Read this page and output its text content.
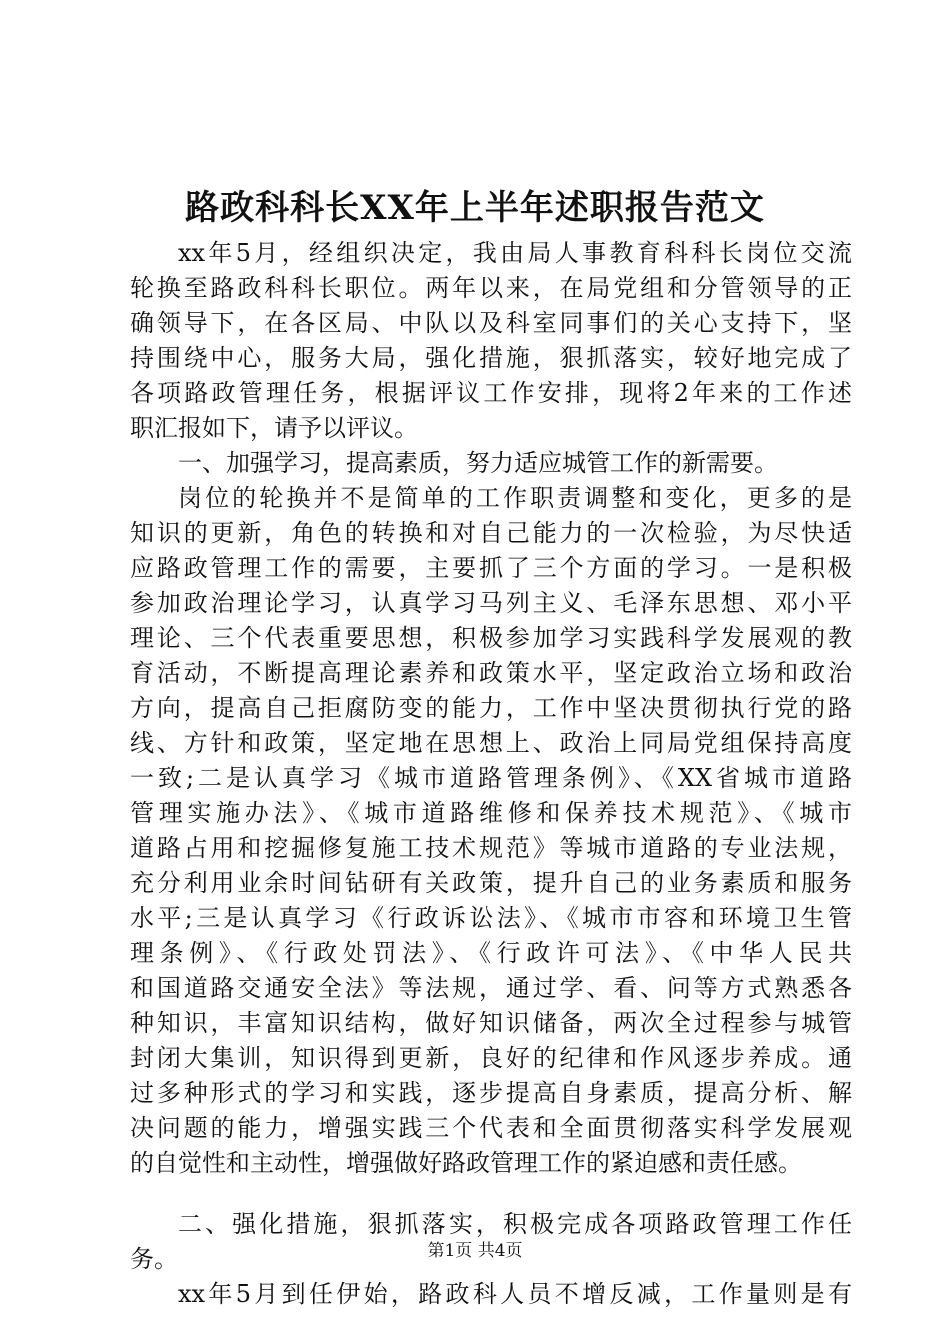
路政科科长XX年上半年述职报告范文
xx年5月，经组织决定，我由局人事教育科科长岗位交流
轮换至路政科科长职位。两年以来，在局党组和分管领导的正
确领导下，在各区局、中队以及科室同事们的关心支持下，坚
持围绕中心，服务大局，强化措施，狠抓落实，较好地完成了
各项路政管理任务，根据评议工作安排，现将2年来的工作述
职汇报如下，请予以评议。
一、加强学习，提高素质，努力适应城管工作的新需要。
岗位的轮换并不是简单的工作职责调整和变化，更多的是
知识的更新，角色的转换和对自己能力的一次检验，为尽快适
应路政管理工作的需要，主要抓了三个方面的学习。一是积极
参加政治理论学习，认真学习马列主义、毛泽东思想、邓小平
理论、三个代表重要思想，积极参加学习实践科学发展观的教
育活动，不断提高理论素养和政策水平，坚定政治立场和政治
方向，提高自己拒腐防变的能力，工作中坚决贯彻执行党的路
线、方针和政策，坚定地在思想上、政治上同局党组保持高度
一致;二是认真学习《城市道路管理条例》、《XX省城市道路
管理实施办法》、《城市道路维修和保养技术规范》、《城市
道路占用和挖掘修复施工技术规范》等城市道路的专业法规，
充分利用业余时间钻研有关政策，提升自己的业务素质和服务
水平;三是认真学习《行政诉讼法》、《城市市容和环境卫生管
理条例》、《行政处罚法》、《行政许可法》、《中华人民共
和国道路交通安全法》等法规，通过学、看、问等方式熟悉各
种知识，丰富知识结构，做好知识储备，两次全过程参与城管
封闭大集训，知识得到更新，良好的纪律和作风逐步养成。通
过多种形式的学习和实践，逐步提高自身素质，提高分析、解
决问题的能力，增强实践三个代表和全面贯彻落实科学发展观
的自觉性和主动性，增强做好路政管理工作的紧迫感和责任感。
二、强化措施，狠抓落实，积极完成各项路政管理工作任
务。
xx年5月到任伊始，路政科人员不增反减，工作量则是有
第1页 共4页
